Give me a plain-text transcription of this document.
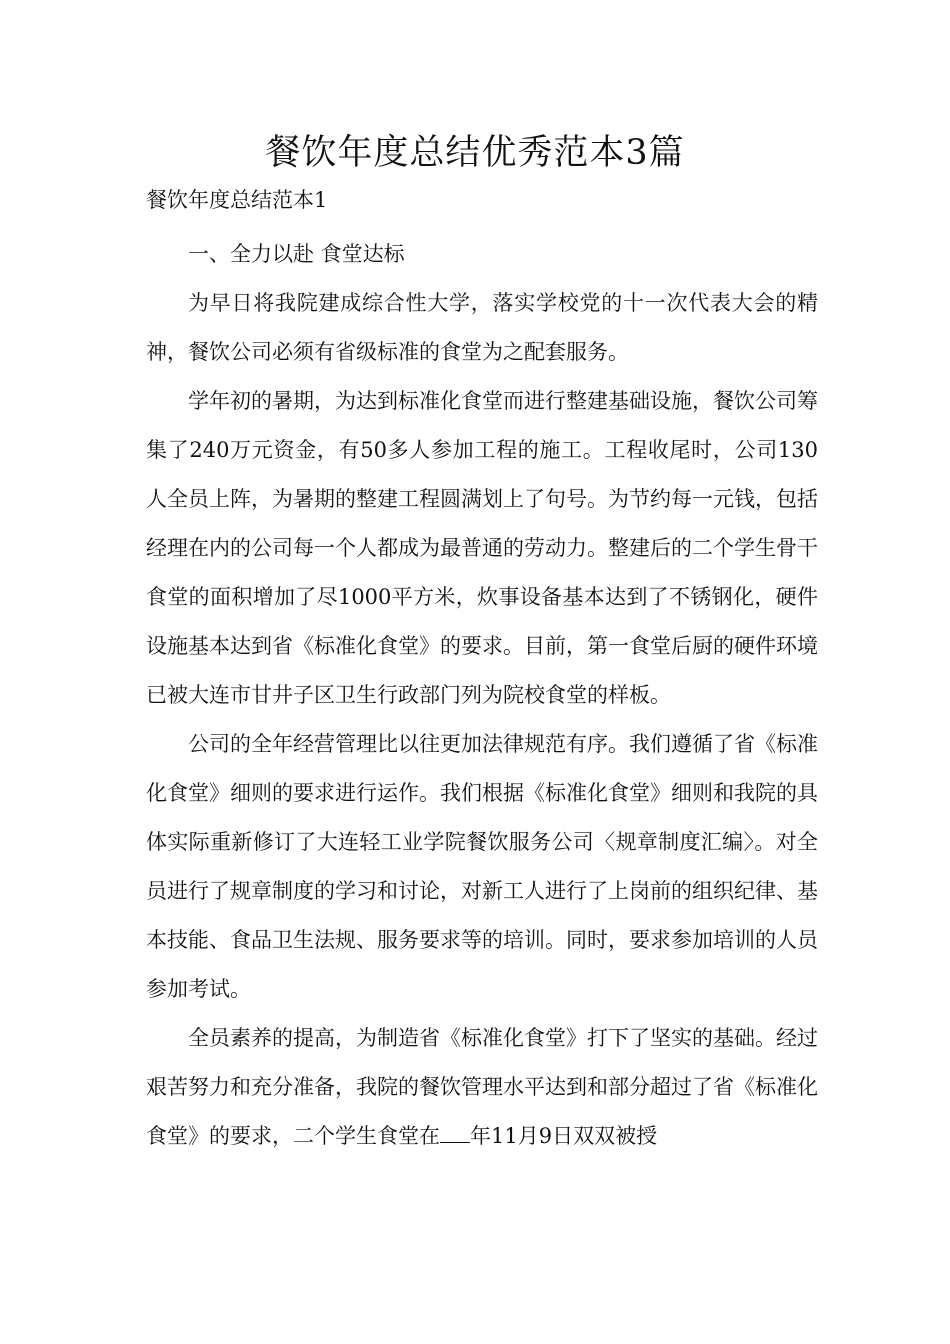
餐饮年度总结优秀范本3篇
餐饮年度总结范本1

一、全力以赴 食堂达标

为早日将我院建成综合性大学，落实学校党的十一次代表大会的精神，餐饮公司必须有省级标准的食堂为之配套服务。

学年初的暑期，为达到标准化食堂而进行整建基础设施，餐饮公司筹集了240万元资金，有50多人参加工程的施工。工程收尾时，公司130人全员上阵，为暑期的整建工程圆满划上了句号。为节约每一元钱，包括经理在内的公司每一个人都成为最普通的劳动力。整建后的二个学生骨干食堂的面积增加了尽1000平方米，炊事设备基本达到了不锈钢化，硬件设施基本达到省《标准化食堂》的要求。目前，第一食堂后厨的硬件环境已被大连市甘井子区卫生行政部门列为院校食堂的样板。

公司的全年经营管理比以往更加法律规范有序。我们遵循了省《标准化食堂》细则的要求进行运作。我们根据《标准化食堂》细则和我院的具体实际重新修订了大连轻工业学院餐饮服务公司〈规章制度汇编〉。对全员进行了规章制度的学习和讨论，对新工人进行了上岗前的组织纪律、基本技能、食品卫生法规、服务要求等的培训。同时，要求参加培训的人员参加考试。

全员素养的提高，为制造省《标准化食堂》打下了坚实的基础。经过艰苦努力和充分准备，我院的餐饮管理水平达到和部分超过了省《标准化食堂》的要求，二个学生食堂在 年11月9日双双被授
